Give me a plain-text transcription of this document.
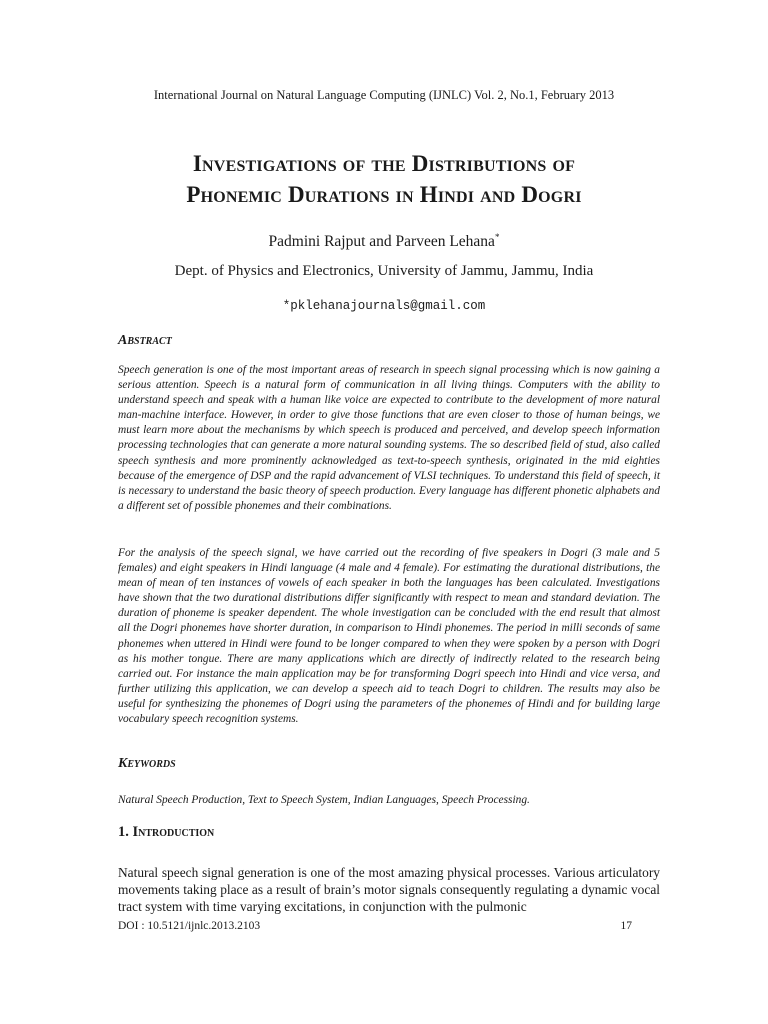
International Journal on Natural Language Computing (IJNLC) Vol. 2, No.1, February 2013
Investigations of the Distributions of
Phonemic Durations in Hindi and Dogri
Padmini Rajput and Parveen Lehana*
Dept. of Physics and Electronics, University of Jammu, Jammu, India
*pklehanajournals@gmail.com
Abstract

Speech generation is one of the most important areas of research in speech signal processing which is now gaining a serious attention. Speech is a natural form of communication in all living things. Computers with the ability to understand speech and speak with a human like voice are expected to contribute to the development of more natural man-machine interface. However, in order to give those functions that are even closer to those of human beings, we must learn more about the mechanisms by which speech is produced and perceived, and develop speech information processing technologies that can generate a more natural sounding systems. The so described field of stud, also called speech synthesis and more prominently acknowledged as text-to-speech synthesis, originated in the mid eighties because of the emergence of DSP and the rapid advancement of VLSI techniques. To understand this field of speech, it is necessary to understand the basic theory of speech production. Every language has different phonetic alphabets and a different set of possible phonemes and their combinations.

For the analysis of the speech signal, we have carried out the recording of five speakers in Dogri (3 male and 5 females) and eight speakers in Hindi language (4 male and 4 female). For estimating the durational distributions, the mean of mean of ten instances of vowels of each speaker in both the languages has been calculated. Investigations have shown that the two durational distributions differ significantly with respect to mean and standard deviation. The duration of phoneme is speaker dependent. The whole investigation can be concluded with the end result that almost all the Dogri phonemes have shorter duration, in comparison to Hindi phonemes. The period in milli seconds of same phonemes when uttered in Hindi were found to be longer compared to when they were spoken by a person with Dogri as his mother tongue. There are many applications which are directly of indirectly related to the research being carried out. For instance the main application may be for transforming Dogri speech into Hindi and vice versa, and further utilizing this application, we can develop a speech aid to teach Dogri to children. The results may also be useful for synthesizing the phonemes of Dogri using the parameters of the phonemes of Hindi and for building large vocabulary speech recognition systems.

Keywords

Natural Speech Production, Text to Speech System, Indian Languages, Speech Processing.

1. Introduction

Natural speech signal generation is one of the most amazing physical processes. Various articulatory movements taking place as a result of brain’s motor signals consequently regulating a dynamic vocal tract system with time varying excitations, in conjunction with the pulmonic

DOI : 10.5121/ijnlc.2013.2103	17
